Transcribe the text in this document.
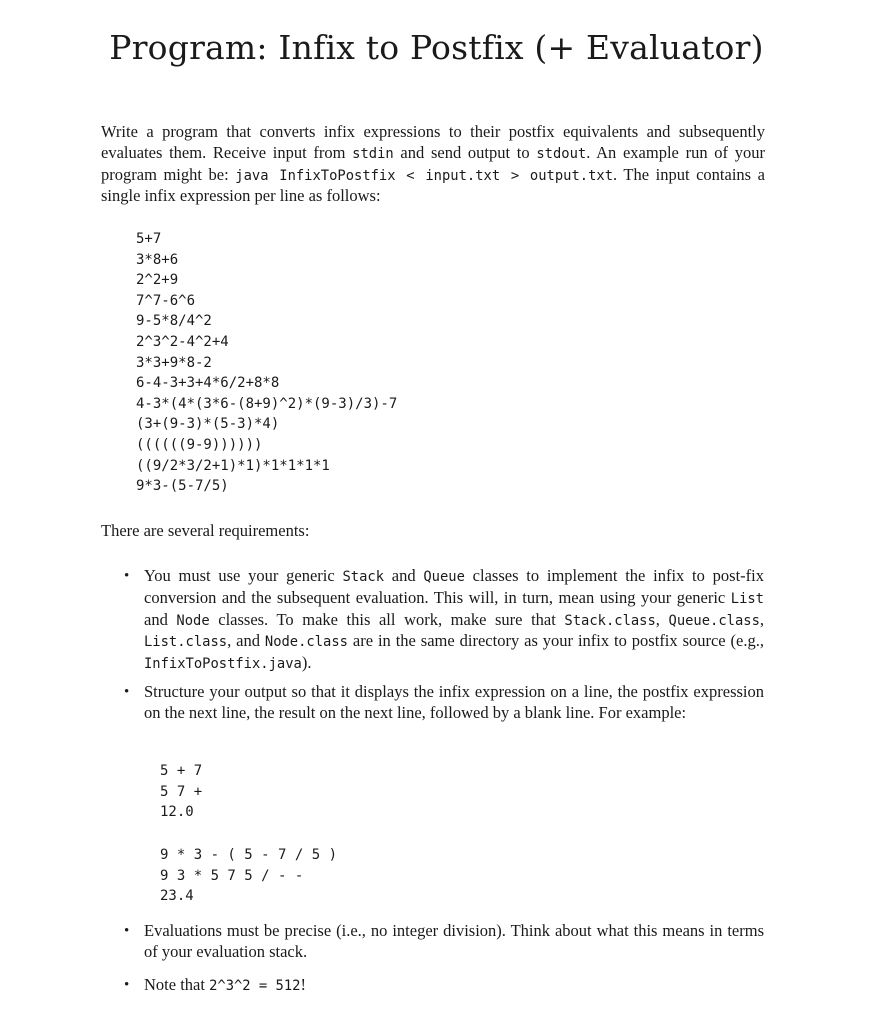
Program: Infix to Postfix (+ Evaluator)

Write a program that converts infix expressions to their postfix equivalents and subsequently evaluates them. Receive input from stdin and send output to stdout. An example run of your program might be: java InfixToPostfix < input.txt > output.txt. The input contains a single infix expression per line as follows:

5+7
3*8+6
2^2+9
7^7-6^6
9-5*8/4^2
2^3^2-4^2+4
3*3+9*8-2
6-4-3+3+4*6/2+8*8
4-3*(4*(3*6-(8+9)^2)*(9-3)/3)-7
(3+(9-3)*(5-3)*4)
((((((9-9))))))
((9/2*3/2+1)*1)*1*1*1*1
9*3-(5-7/5)

There are several requirements:

• You must use your generic Stack and Queue classes to implement the infix to post-fix conversion and the subsequent evaluation. This will, in turn, mean using your generic List and Node classes. To make this all work, make sure that Stack.class, Queue.class, List.class, and Node.class are in the same directory as your infix to postfix source (e.g., InfixToPostfix.java).
• Structure your output so that it displays the infix expression on a line, the postfix expression on the next line, the result on the next line, followed by a blank line. For example:
5 + 7
5 7 +
12.0
9 * 3 - ( 5 - 7 / 5 )
9 3 * 5 7 5 / - -
23.4
• Evaluations must be precise (i.e., no integer division). Think about what this means in terms of your evaluation stack.
• Note that 2^3^2 = 512!
